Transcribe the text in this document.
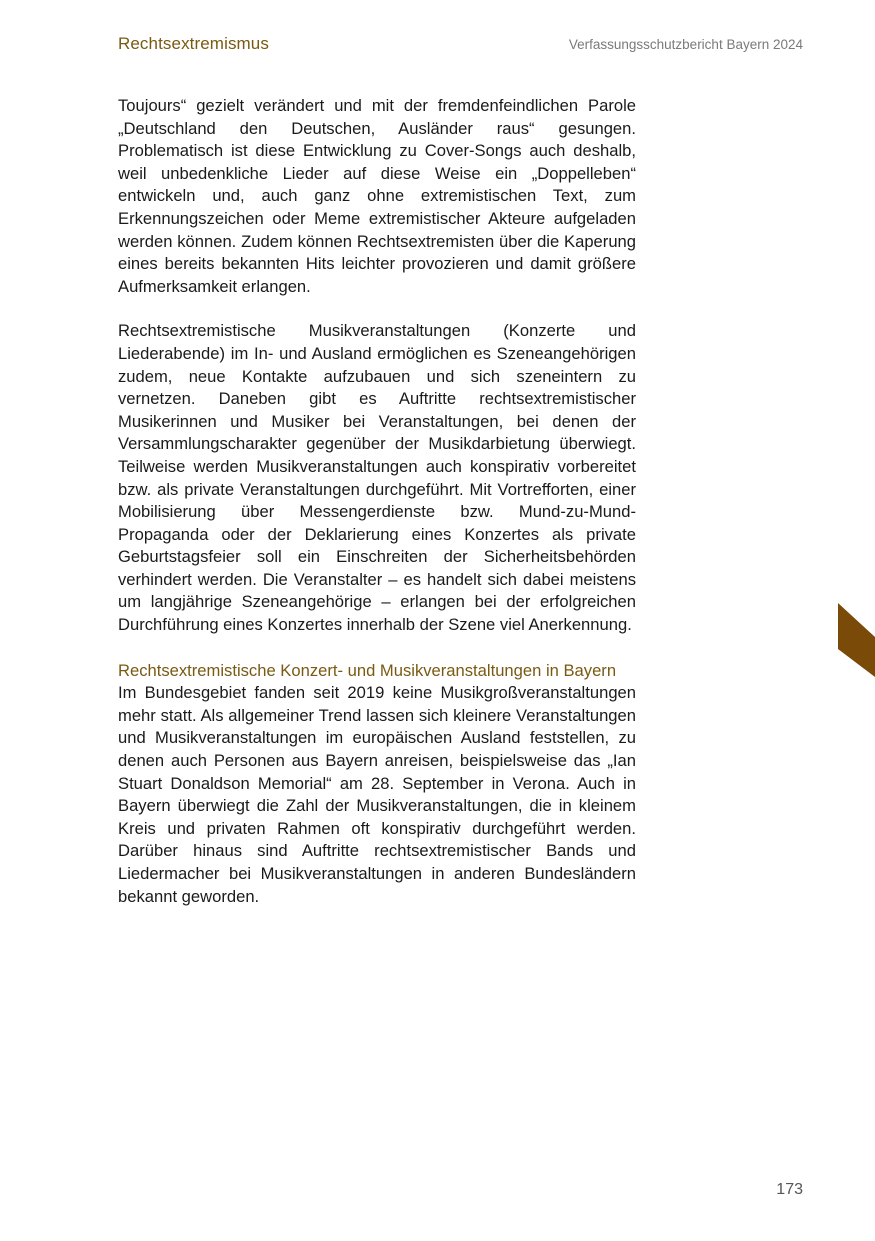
Rechtsextremismus	Verfassungsschutzbericht Bayern 2024

Toujours“ gezielt verändert und mit der fremdenfeindlichen Parole „Deutschland den Deutschen, Ausländer raus“ gesungen. Problematisch ist diese Entwicklung zu Cover-Songs auch deshalb, weil unbedenkliche Lieder auf diese Weise ein „Doppelleben“ entwickeln und, auch ganz ohne extremistischen Text, zum Erkennungszeichen oder Meme extremistischer Akteure aufgeladen werden können. Zudem können Rechtsextremisten über die Kaperung eines bereits bekannten Hits leichter provozieren und damit größere Aufmerksamkeit erlangen.

Rechtsextremistische Musikveranstaltungen (Konzerte und Liederabende) im In- und Ausland ermöglichen es Szeneangehörigen zudem, neue Kontakte aufzubauen und sich szeneintern zu vernetzen. Daneben gibt es Auftritte rechtsextremistischer Musikerinnen und Musiker bei Veranstaltungen, bei denen der Versammlungscharakter gegenüber der Musikdarbietung überwiegt. Teilweise werden Musikveranstaltungen auch konspirativ vorbereitet bzw. als private Veranstaltungen durchgeführt. Mit Vortrefforten, einer Mobilisierung über Messengerdienste bzw. Mund-zu-Mund-Propaganda oder der Deklarierung eines Konzertes als private Geburtstagsfeier soll ein Einschreiten der Sicherheitsbehörden verhindert werden. Die Veranstalter – es handelt sich dabei meistens um langjährige Szeneangehörige – erlangen bei der erfolgreichen Durchführung eines Konzertes innerhalb der Szene viel Anerkennung.

Rechtsextremistische Konzert- und Musikveranstaltungen in Bayern

Im Bundesgebiet fanden seit 2019 keine Musikgroßveranstaltungen mehr statt. Als allgemeiner Trend lassen sich kleinere Veranstaltungen und Musikveranstaltungen im europäischen Ausland feststellen, zu denen auch Personen aus Bayern anreisen, beispielsweise das „Ian Stuart Donaldson Memorial“ am 28. September in Verona. Auch in Bayern überwiegt die Zahl der Musikveranstaltungen, die in kleinem Kreis und privaten Rahmen oft konspirativ durchgeführt werden. Darüber hinaus sind Auftritte rechtsextremistischer Bands und Liedermacher bei Musikveranstaltungen in anderen Bundesländern bekannt geworden.

173
